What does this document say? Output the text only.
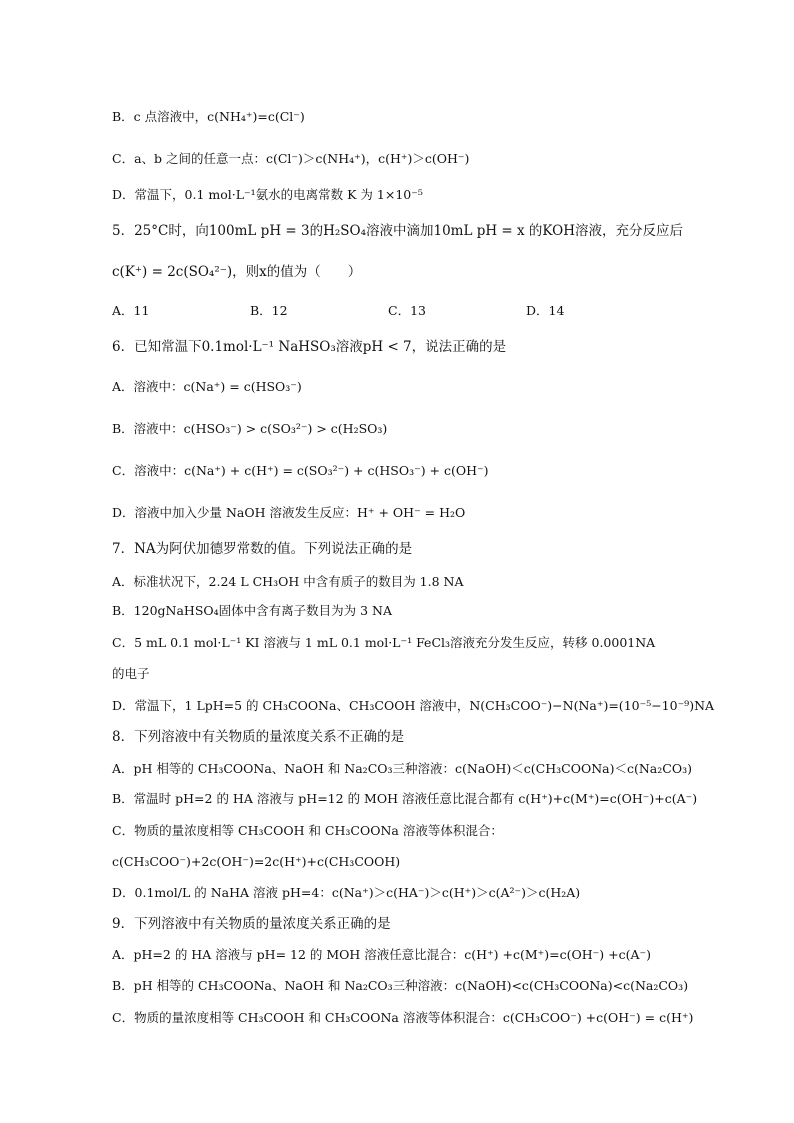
B．c 点溶液中，c(NH₄⁺)=c(Cl⁻)
C．a、b 之间的任意一点：c(Cl⁻)＞c(NH₄⁺)，c(H⁺)＞c(OH⁻)
D．常温下，0.1 mol·L⁻¹氨水的电离常数 K 为 1×10⁻⁵
5．25°C时，向100mL pH = 3的H₂SO₄溶液中滴加10mL pH = x 的KOH溶液，充分反应后
c(K⁺) = 2c(SO₄²⁻)，则x的值为（　　）
A．11	B．12	C．13	D．14
6．已知常温下0.1mol·L⁻¹ NaHSO₃溶液pH < 7，说法正确的是
A．溶液中：c(Na⁺) = c(HSO₃⁻)
B．溶液中：c(HSO₃⁻) > c(SO₃²⁻) > c(H₂SO₃)
C．溶液中：c(Na⁺) + c(H⁺) = c(SO₃²⁻) + c(HSO₃⁻) + c(OH⁻)
D．溶液中加入少量 NaOH 溶液发生反应：H⁺ + OH⁻ = H₂O
7．NA为阿伏加德罗常数的值。下列说法正确的是
A．标准状况下，2.24 L CH₃OH 中含有质子的数目为 1.8 NA
B．120gNaHSO₄固体中含有离子数目为为 3 NA
C．5 mL 0.1 mol·L⁻¹ KI 溶液与 1 mL 0.1 mol·L⁻¹ FeCl₃溶液充分发生反应，转移 0.0001NA
的电子
D．常温下，1 LpH=5 的 CH₃COONa、CH₃COOH 溶液中，N(CH₃COO⁻)−N(Na⁺)=(10⁻⁵−10⁻⁹)NA
8．下列溶液中有关物质的量浓度关系不正确的是
A．pH 相等的 CH₃COONa、NaOH 和 Na₂CO₃三种溶液：c(NaOH)＜c(CH₃COONa)＜c(Na₂CO₃)
B．常温时 pH=2 的 HA 溶液与 pH=12 的 MOH 溶液任意比混合都有 c(H⁺)+c(M⁺)=c(OH⁻)+c(A⁻)
C．物质的量浓度相等 CH₃COOH 和 CH₃COONa 溶液等体积混合：
c(CH₃COO⁻)+2c(OH⁻)=2c(H⁺)+c(CH₃COOH)
D．0.1mol/L 的 NaHA 溶液 pH=4：c(Na⁺)＞c(HA⁻)＞c(H⁺)＞c(A²⁻)＞c(H₂A)
9．下列溶液中有关物质的量浓度关系正确的是
A．pH=2 的 HA 溶液与 pH= 12 的 MOH 溶液任意比混合：c(H⁺) +c(M⁺)=c(OH⁻) +c(A⁻)
B．pH 相等的 CH₃COONa、NaOH 和 Na₂CO₃三种溶液：c(NaOH)<c(CH₃COONa)<c(Na₂CO₃)
C．物质的量浓度相等 CH₃COOH 和 CH₃COONa 溶液等体积混合：c(CH₃COO⁻) +c(OH⁻) = c(H⁺)
